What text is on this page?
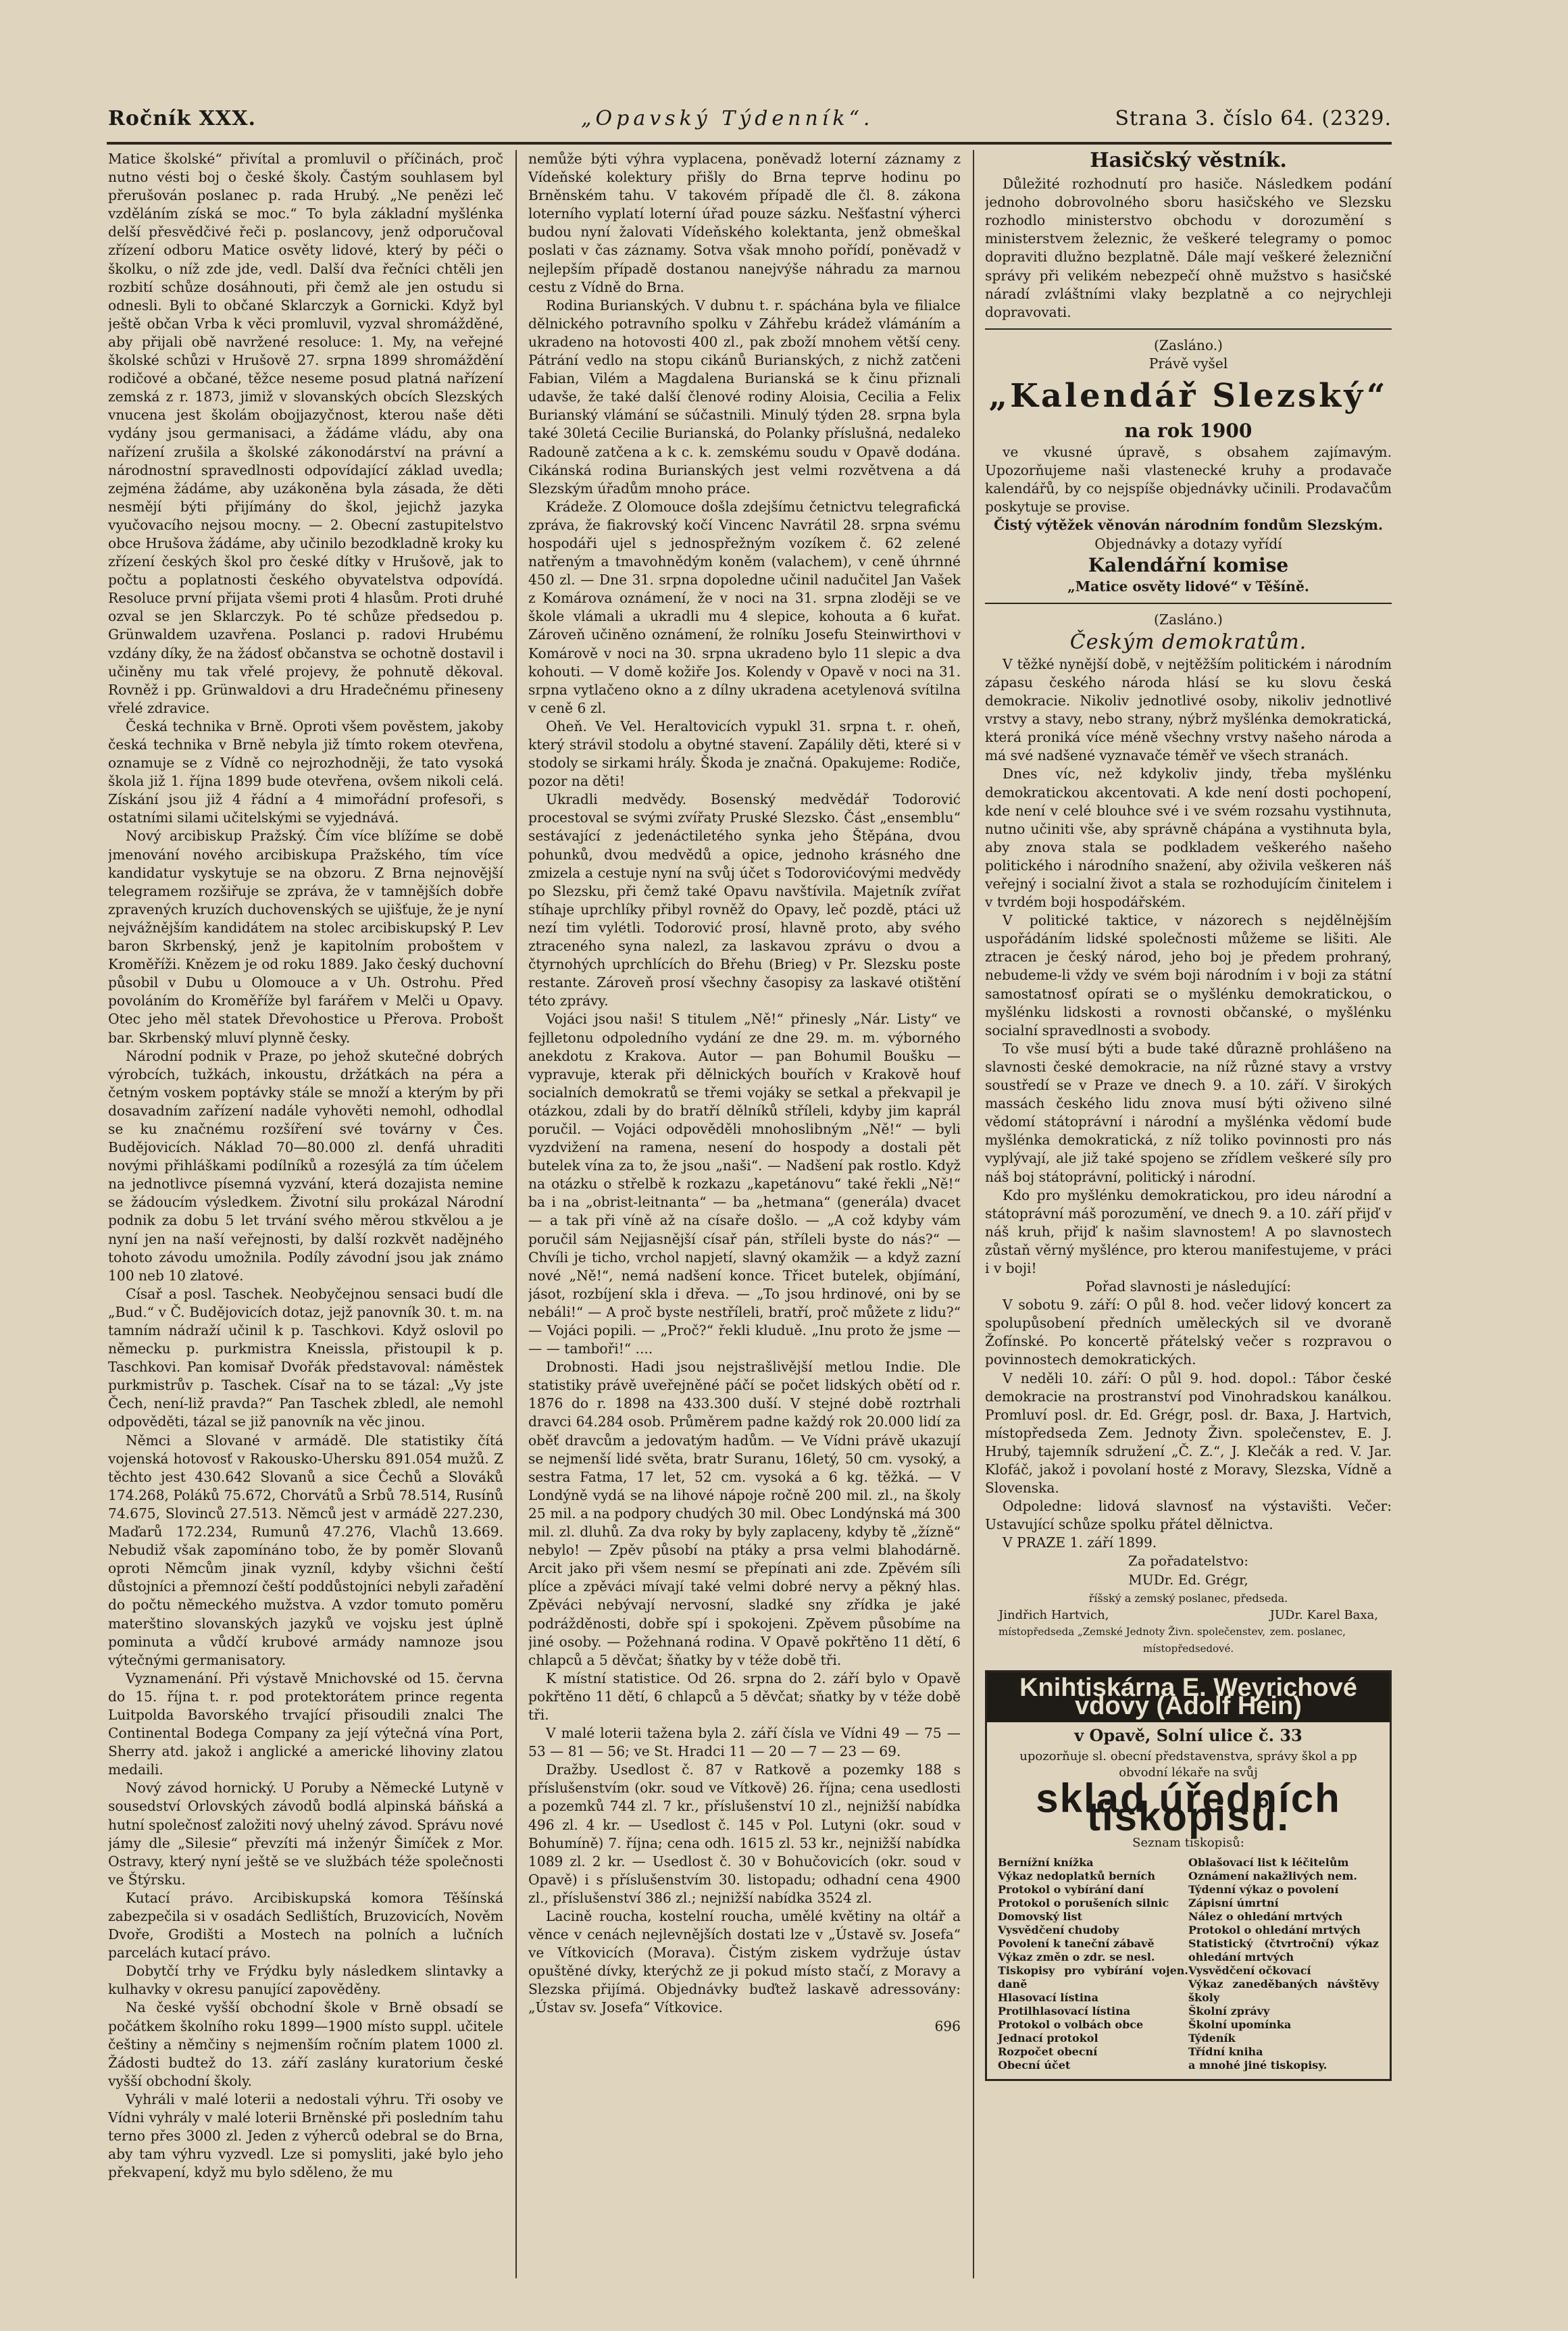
Ročník XXX.	„Opavský Týdenník“.	Strana 3. číslo 64. (2329.

Matice školské“ přivítal a promluvil o příčinách, proč nutno vésti boj o české školy. Častým souhlasem byl přerušován poslanec p. rada Hrubý. „Ne penězi leč vzděláním získá se moc.“ To byla základní myšlénka delší přesvědčivé řeči p. poslancovy, jenž odporučoval zřízení odboru Matice osvěty lidové, který by péči o školku, o níž zde jde, vedl. Další dva řečníci chtěli jen rozbití schůze dosáhnouti, při čemž ale jen ostudu si odnesli. Byli to občané Sklarczyk a Gornicki. Když byl ještě občan Vrba k věci promluvil, vyzval shromážděné, aby přijali obě navržené resoluce: 1. My, na veřejné školské schůzi v Hrušově 27. srpna 1899 shromáždění rodičové a občané, těžce neseme posud platná nařízení zemská z r. 1873, jimiž v slovanských obcích Slezských vnucena jest školám obojjazyčnost, kterou naše děti vydány jsou germanisaci, a žádáme vládu, aby ona nařízení zrušila a školské zákonodárství na právní a národnostní spravedlnosti odpovídající základ uvedla; zejména žádáme, aby uzákoněna byla zásada, že děti nesmějí býti přijímány do škol, jejichž jazyka vyučovacího nejsou mocny. — 2. Obecní zastupitelstvo obce Hrušova žádáme, aby učinilo bezodkladně kroky ku zřízení českých škol pro české dítky v Hrušově, jak to počtu a poplatnosti českého obyvatelstva odpovídá. Resoluce první přijata všemi proti 4 hlasům. Proti druhé ozval se jen Sklarczyk. Po té schůze předsedou p. Grünwaldem uzavřena. Poslanci p. radovi Hrubému vzdány díky, že na žádosť občanstva se ochotně dostavil i učiněny mu tak vřelé projevy, že pohnutě děkoval. Rovněž i pp. Grünwaldovi a dru Hradečnému přineseny vřelé zdravice.

Česká technika v Brně. Oproti všem pověstem, jakoby česká technika v Brně nebyla již tímto rokem otevřena, oznamuje se z Vídně co nejrozhodněji, že tato vysoká škola již 1. října 1899 bude otevřena, ovšem nikoli celá. Získání jsou již 4 řádní a 4 mimořádní profesoři, s ostatními silami učitelskými se vyjednává.

Nový arcibiskup Pražský. Čím více blížíme se době jmenování nového arcibiskupa Pražského, tím více kandidatur vyskytuje se na obzoru. Z Brna nejnovější telegramem rozšiřuje se zpráva, že v tamnějších dobře zpravených kruzích duchovenských se ujišťuje, že je nyní nejvážnějším kandidátem na stolec arcibiskupský P. Lev baron Skrbenský, jenž je kapitolním proboštem v Kroměříži. Knězem je od roku 1889. Jako český duchovní působil v Dubu u Olomouce a v Uh. Ostrohu. Před povoláním do Kroměříže byl farářem v Melči u Opavy. Otec jeho měl statek Dřevohostice u Přerova. Probošt bar. Skrbenský mluví plynně česky.

Národní podnik v Praze, po jehož skutečné dobrých výrobcích, tužkách, inkoustu, držátkách na péra a četným voskem poptávky stále se množí a kterým by při dosavadním zařízení nadále vyhověti nemohl, odhodlal se ku značnému rozšíření své továrny v Čes. Budějovicích. Náklad 70—80.000 zl. denfá uhraditi novými přihláškami podílníků a rozesýlá za tím účelem na jednotlivce písemná vyzvání, která dozajista nemine se žádoucím výsledkem. Životní silu prokázal Národní podnik za dobu 5 let trvání svého měrou stkvělou a je nyní jen na naší veřejnosti, by další rozkvět nadějného tohoto závodu umožnila. Podíly závodní jsou jak známo 100 neb 10 zlatové.

Císař a posl. Taschek. Neobyčejnou sensaci budí dle „Bud.“ v Č. Budějovicích dotaz, jejž panovník 30. t. m. na tamním nádraží učinil k p. Taschkovi. Když oslovil po německu p. purkmistra Kneissla, přistoupil k p. Taschkovi. Pan komisař Dvořák představoval: náměstek purkmistrův p. Taschek. Císař na to se tázal: „Vy jste Čech, není-liž pravda?“ Pan Taschek zbledl, ale nemohl odpověděti, tázal se již panovník na věc jinou.

Němci a Slované v armádě. Dle statistiky čítá vojenská hotovosť v Rakousko-Uhersku 891.054 mužů. Z těchto jest 430.642 Slovanů a sice Čechů a Slováků 174.268, Poláků 75.672, Chorvátů a Srbů 78.514, Rusínů 74.675, Slovinců 27.513. Němců jest v armádě 227.230, Maďarů 172.234, Rumunů 47.276, Vlachů 13.669. Nebudiž však zapomínáno tobo, že by poměr Slovanů oproti Němcům jinak vyzníl, kdyby všichni čeští důstojníci a přemnozí čeští poddůstojníci nebyli zařadění do počtu německého mužstva. A vzdor tomuto poměru materštino slovanských jazyků ve vojsku jest úplně pominuta a vůdčí krubové armády namnoze jsou výtečnými germanisatory.

Vyznamenání. Při výstavě Mnichovské od 15. června do 15. října t. r. pod protektorátem prince regenta Luitpolda Bavorského trvající přisoudili znalci The Continental Bodega Company za její výtečná vína Port, Sherry atd. jakož i anglické a americké lihoviny zlatou medaili.

Nový závod hornický. U Poruby a Německé Lutyně v sousedství Orlovských závodů bodlá alpinská báňská a hutní společnosť založiti nový uhelný závod. Správu nové jámy dle „Silesie“ převzíti má inženýr Šimíček z Mor. Ostravy, který nyní ještě se ve službách téže společnosti ve Štýrsku.

Kutací právo. Arcibiskupská komora Těšínská zabezpečila si v osadách Sedlištích, Bruzovicích, Nověm Dvoře, Grodišti a Mostech na polních a lučních parcelách kutací právo.

Dobytčí trhy ve Frýdku byly následkem slintavky a kulhavky v okresu panující zapověděny.

Na české vyšší obchodní škole v Brně obsadí se počátkem školního roku 1899—1900 místo suppl. učitele češtiny a němčiny s nejmenším ročním platem 1000 zl. Žádosti budtež do 13. září zaslány kuratorium české vyšší obchodní školy.

Vyhráli v malé loterii a nedostali výhru. Tři osoby ve Vídni vyhrály v malé loterii Brněnské při posledním tahu terno přes 3000 zl. Jeden z výherců odebral se do Brna, aby tam výhru vyzvedl. Lze si pomysliti, jaké bylo jeho překvapení, když mu bylo sděleno, že mu

nemůže býti výhra vyplacena, poněvadž loterní záznamy z Vídeňské kolektury přišly do Brna teprve hodinu po Brněnském tahu. V takovém případě dle čl. 8. zákona loterního vyplatí loterní úřad pouze sázku. Nešťastní výherci budou nyní žalovati Vídeňského kolektanta, jenž obmeškal poslati v čas záznamy. Sotva však mnoho pořídí, poněvadž v nejlepším případě dostanou nanejvýše náhradu za marnou cestu z Vídně do Brna.

Rodina Burianských. V dubnu t. r. spáchána byla ve filialce dělnického potravního spolku v Záhřebu krádež vlámáním a ukradeno na hotovosti 400 zl., pak zboží mnohem větší ceny. Pátrání vedlo na stopu cikánů Burianských, z nichž zatčeni Fabian, Vilém a Magdalena Burianská se k činu přiznali udavše, že také další členové rodiny Aloisia, Cecilia a Felix Burianský vlámání se súčastnili. Minulý týden 28. srpna byla také 30letá Cecilie Burianská, do Polanky příslušná, nedaleko Radouně zatčena a k c. k. zemskému soudu v Opavě dodána. Cikánská rodina Burianských jest velmi rozvětvena a dá Slezským úřadům mnoho práce.

Krádeže. Z Olomouce došla zdejšímu četnictvu telegrafická zpráva, že fiakrovský kočí Vincenc Navrátil 28. srpna svému hospodáři ujel s jednospřežným vozíkem č. 62 zelené natřeným a tmavohnědým koněm (valachem), v ceně úhrnné 450 zl. — Dne 31. srpna dopoledne učinil nadučitel Jan Vašek z Komárova oznámení, že v noci na 31. srpna zloději se ve škole vlámali a ukradli mu 4 slepice, kohouta a 6 kuřat. Zároveň učiněno oznámení, že rolníku Josefu Steinwirthovi v Komárově v noci na 30. srpna ukradeno bylo 11 slepic a dva kohouti. — V domě kožiře Jos. Kolendy v Opavě v noci na 31. srpna vytlačeno okno a z dílny ukradena acetylenová svítilna v ceně 6 zl.

Oheň. Ve Vel. Heraltovicích vypukl 31. srpna t. r. oheň, který strávil stodolu a obytné stavení. Zapálily děti, které si v stodoly se sirkami hrály. Škoda je značná. Opakujeme: Rodiče, pozor na děti!

Ukradli medvědy. Bosenský medvědář Todorović procestoval se svými zvířaty Pruské Slezsko. Část „ensemblu“ sestávající z jedenáctiletého synka jeho Štěpána, dvou pohunků, dvou medvědů a opice, jednoho krásného dne zmizela a cestuje nyní na svůj účet s Todorovićovými medvědy po Slezsku, při čemž také Opavu navštívila. Majetník zvířat stíhaje uprchlíky přibyl rovněž do Opavy, leč pozdě, ptáci už nezí tim vylétli. Todorović prosí, hlavně proto, aby svého ztraceného syna nalezl, za laskavou zprávu o dvou a čtyrnohých uprchlících do Břehu (Brieg) v Pr. Slezsku poste restante. Zároveň prosí všechny časopisy za laskavé otištění této zprávy.

Vojáci jsou naši! S titulem „Ně!“ přinesly „Nár. Listy“ ve fejlletonu odpoledního vydání ze dne 29. m. m. výborného anekdotu z Krakova. Autor — pan Bohumil Boušku — vypravuje, kterak při dělnických bouřích v Krakově houf socialních demokratů se třemi vojáky se setkal a překvapil je otázkou, zdali by do bratří dělníků stříleli, kdyby jim kaprál poručil. — Vojáci odpověděli mnohoslibným „Ně!“ — byli vyzdvižení na ramena, nesení do hospody a dostali pět butelek vína za to, že jsou „naši“. — Nadšení pak rostlo. Když na otázku o střelbě k rozkazu „kapetánovu“ také řekli „Ně!“ ba i na „obrist-leitnanta“ — ba „hetmana“ (generála) dvacet — a tak při víně až na císaře došlo. — „A což kdyby vám poručil sám Nejjasnější císař pán, stříleli byste do nás?“ — Chvíli je ticho, vrchol napjetí, slavný okamžik — a když zazní nové „Ně!“, nemá nadšení konce. Třicet butelek, objímání, jásot, rozbíjení skla i dřeva. — „To jsou hrdinové, oni by se nebáli!“ — A proč byste nestříleli, bratří, proč můžete z lidu?“ — Vojáci popili. — „Proč?“ řekli kluduě. „Inu proto že jsme — — — tamboři!“ ....

Drobnosti. Hadi jsou nejstrašlivější metlou Indie. Dle statistiky právě uveřejněné páčí se počet lidských obětí od r. 1876 do r. 1898 na 433.300 duší. V stejné době roztrhali dravci 64.284 osob. Průměrem padne každý rok 20.000 lidí za oběť dravcům a jedovatým hadům. — Ve Vídni právě ukazují se nejmenší lidé světa, bratr Suranu, 16letý, 50 cm. vysoký, a sestra Fatma, 17 let, 52 cm. vysoká a 6 kg. těžká. — V Londýně vydá se na lihové nápoje ročně 200 mil. zl., na školy 25 mil. a na podpory chudých 30 mil. Obec Londýnská má 300 mil. zl. dluhů. Za dva roky by byly zaplaceny, kdyby tě „žízně“ nebylo! — Zpěv působí na ptáky a prsa velmi blahodárně. Arcit jako při všem nesmí se přepínati ani zde. Zpěvém síli plíce a zpěváci mívají také velmi dobré nervy a pěkný hlas. Zpěváci nebývají nervosní, sladké sny zřídka je jaké podrážděnosti, dobře spí i spokojeni. Zpěvem působíme na jiné osoby. — Požehnaná rodina. V Opavě pokřtěno 11 dětí, 6 chlapců a 5 děvčat; šňatky by v téže době tři.

K místní statistice. Od 26. srpna do 2. září bylo v Opavě pokřtěno 11 dětí, 6 chlapců a 5 děvčat; sňatky by v téže době tři.

V malé loterii tažena byla 2. září čísla ve Vídni 49 — 75 — 53 — 81 — 56; ve St. Hradci 11 — 20 — 7 — 23 — 69.

Dražby. Usedlost č. 87 v Ratkově a pozemky 188 s příslušenstvím (okr. soud ve Vítkově) 26. října; cena usedlosti a pozemků 744 zl. 7 kr., příslušenství 10 zl., nejnižší nabídka 496 zl. 4 kr. — Usedlost č. 145 v Pol. Lutyni (okr. soud v Bohumíně) 7. října; cena odh. 1615 zl. 53 kr., nejnižší nabídka 1089 zl. 2 kr. — Usedlost č. 30 v Bohučovicích (okr. soud v Opavě) i s příslušenstvím 30. listopadu; odhadní cena 4900 zl., příslušenství 386 zl.; nejnižší nabídka 3524 zl.

Lacině roucha, kostelní roucha, umělé květiny na oltář a věnce v cenách nejlevnějších dostati lze v „Ústavě sv. Josefa“ ve Vítkovicích (Morava). Čistým ziskem vydržuje ústav opuštěné dívky, kterýchž ze ji pokud místo stačí, z Moravy a Slezska přijímá. Objednávky buďtež laskavě adressovány: „Ústav sv. Josefa“ Vítkovice.

696

Hasičský věstník.

Důležité rozhodnutí pro hasiče. Následkem podání jednoho dobrovolného sboru hasičského ve Slezsku rozhodlo ministerstvo obchodu v dorozumění s ministerstvem železnic, že veškeré telegramy o pomoc dopraviti dlužno bezplatně. Dále mají veškeré železniční správy při velikém nebezpečí ohně mužstvo s hasičské náradí zvláštními vlaky bezplatně a co nejrychleji dopravovati.

(Zasláno.)

Právě vyšel

„Kalendář Slezský“
na rok 1900

ve vkusné úpravě, s obsahem zajímavým. Upozorňujeme naši vlastenecké kruhy a prodavače kalendářů, by co nejspíše objednávky učinili. Prodavačům poskytuje se provise.

Čistý výtěžek věnován národním fondům Slezským.

Objednávky a dotazy vyřídí

Kalendářní komise

„Matice osvěty lidové“ v Těšíně.

(Zasláno.)

Českým demokratům.

V těžké nynější době, v nejtěžším politickém i národním zápasu českého národa hlásí se ku slovu česká demokracie. Nikoliv jednotlivé osoby, nikoliv jednotlivé vrstvy a stavy, nebo strany, nýbrž myšlénka demokratická, která proniká více méně všechny vrstvy našeho národa a má své nadšené vyznavače téměř ve všech stranách.

Dnes víc, než kdykoliv jindy, třeba myšlénku demokratickou akcentovati. A kde není dosti pochopení, kde není v celé blouhce své i ve svém rozsahu vystihnuta, nutno učiniti vše, aby správně chápána a vystihnuta byla, aby znova stala se podkladem veškerého našeho politického i národního snažení, aby oživila veškeren náš veřejný i socialní život a stala se rozhodujícím činitelem i v tvrdém boji hospodářském.

V politické taktice, v názorech s nejdělnějším uspořádáním lidské společnosti můžeme se lišiti. Ale ztracen je český národ, jeho boj je předem prohraný, nebudeme-li vždy ve svém boji národním i v boji za státní samostatnosť opírati se o myšlénku demokratickou, o myšlénku lidskosti a rovnosti občanské, o myšlénku socialní spravedlnosti a svobody.

To vše musí býti a bude také důrazně prohlášeno na slavnosti české demokracie, na níž různé stavy a vrstvy soustředí se v Praze ve dnech 9. a 10. září. V širokých massách českého lidu znova musí býti oživeno silné vědomí státoprávní i národní a myšlénka vědomí bude myšlénka demokratická, z níž toliko povinnosti pro nás vyplývají, ale již také spojeno se zřídlem veškeré síly pro náš boj státoprávní, politický i národní.

Kdo pro myšlénku demokratickou, pro ideu národní a státoprávní máš porozumění, ve dnech 9. a 10. září přijď v náš kruh, přijď k našim slavnostem! A po slavnostech zůstaň věrný myšlénce, pro kterou manifestujeme, v práci i v boji!

Pořad slavnosti je následující:

V sobotu 9. září: O půl 8. hod. večer lidový koncert za spolupůsobení předních uměleckých sil ve dvoraně Žofínské. Po koncertě přátelský večer s rozpravou o povinnostech demokratických.

V neděli 10. září: O půl 9. hod. dopol.: Tábor české demokracie na prostranství pod Vinohradskou kanálkou. Promluví posl. dr. Ed. Grégr, posl. dr. Baxa, J. Hartvich, místopředseda Zem. Jednoty Živn. společenstev, E. J. Hrubý, tajemník sdružení „Č. Z.“, J. Klečák a red. V. Jar. Klofáč, jakož i povolaní hosté z Moravy, Slezska, Vídně a Slovenska.

Odpoledne: lidová slavnosť na výstavišti. Večer: Ustavující schůze spolku přátel dělnictva.

V PRAZE 1. září 1899.

Za pořadatelstvo:
MUDr. Ed. Grégr,
říšský a zemský poslanec, předseda.
Jindřich Hartvich,
místopředseda „Zemské Jednoty Živn. společenstev,
JUDr. Karel Baxa,
zem. poslanec,
místopředsedové.
Knihtiskárna E. Weyrichové vdovy (Adolf Hein)
v Opavě, Solní ulice č. 33
upozorňuje sl. obecní představenstva, správy škol a pp obvodní lékaře na svůj
sklad úředních tiskopisů.
Seznam tiskopisů:
Bernížní knížka
Výkaz nedoplatků berních
Protokol o vybírání daní
Protokol o porušeních silnic
Domovský list
Vysvědčení chudoby
Povolení k taneční zábavě
Výkaz změn o zdr. se nesl.
Tiskopisy pro vybírání vojen. daně
Hlasovací lístina
Protilhlasovací lístina
Protokol o volbách obce
Jednací protokol
Rozpočet obecní
Obecní účet
Oblašovací list k léčitelům
Oznámení nakažlivých nem.
Týdenní výkaz o povolení
Zápisní úmrtní
Nález o ohledání mrtvých
Protokol o ohledání mrtvých
Statistický (čtvrtroční) výkaz ohledání mrtvých
Vysvědčení očkovací
Výkaz zaneděbaných návštěvy školy
Školní zprávy
Školní upomínka
Týdeník
Třídní kniha
a mnohé jiné tiskopisy.
